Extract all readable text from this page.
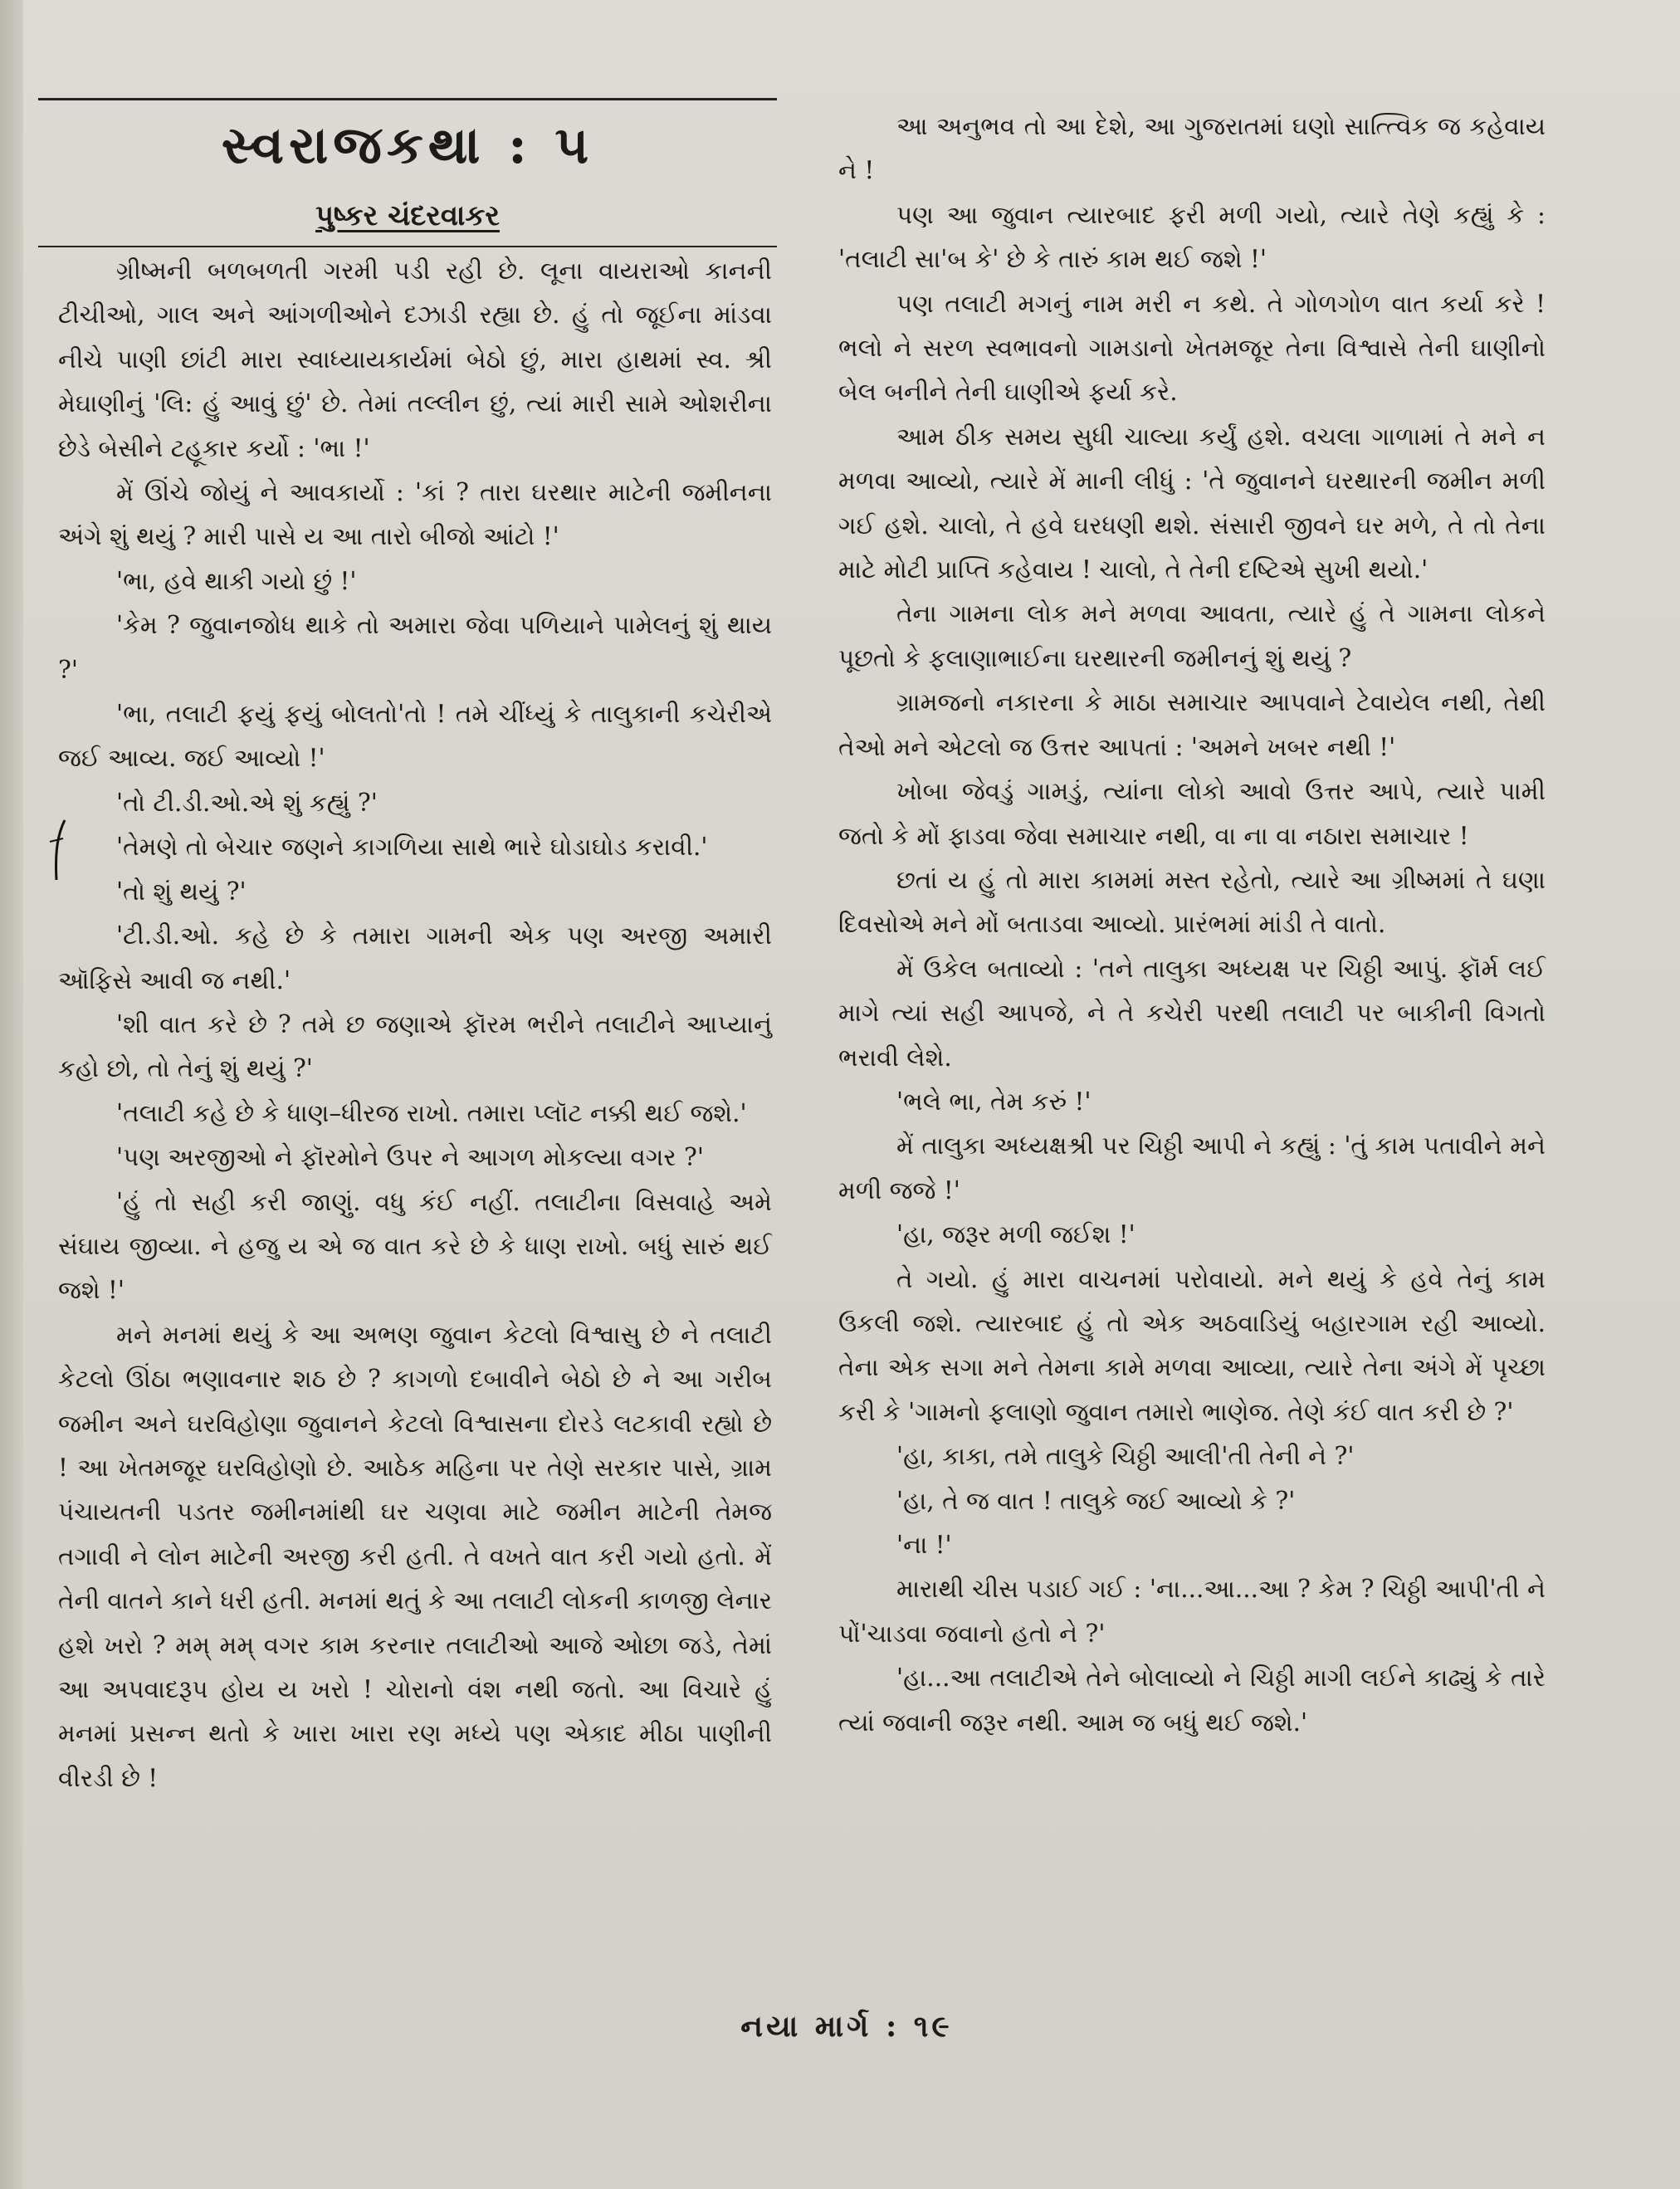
સ્વરાજકથા : ૫
પુષ્કર ચંદરવાકર

ગ્રીષ્મની બળબળતી ગરમી પડી રહી છે. લૂના વાયરાઓ કાનની ટીચીઓ, ગાલ અને આંગળીઓને દઝાડી રહ્યા છે. હું તો જૂઈના માંડવા નીચે પાણી છાંટી મારા સ્વાધ્યાયકાર્યમાં બેઠો છું, મારા હાથમાં સ્વ. શ્રી મેઘાણીનું 'લિ: હું આવું છું' છે. તેમાં તલ્લીન છું, ત્યાં મારી સામે ઓશરીના છેડે બેસીને ટહૂકાર કર્યો : 'ભા !'

મેં ઊંચે જોયું ને આવકાર્યો : 'કાં ? તારા ઘરથાર માટેની જમીનના અંગે શું થયું ? મારી પાસે ય આ તારો બીજો આંટો !'

'ભા, હવે થાકી ગયો છું !'

'કેમ ? જુવાનજોધ થાકે તો અમારા જેવા પળિયાને પામેલનું શું થાય ?'

'ભા, તલાટી ફયું ફયું બોલતો'તો ! તમે ચીંધ્યું કે તાલુકાની કચેરીએ જઈ આવ્ય. જઈ આવ્યો !'

'તો ટી.ડી.ઓ.એ શું કહ્યું ?'

'તેમણે તો બેચાર જણને કાગળિયા સાથે ભારે ઘોડાઘોડ કરાવી.'

'તો શું થયું ?'

'ટી.ડી.ઓ. કહે છે કે તમારા ગામની એક પણ અરજી અમારી ઑફિસે આવી જ નથી.'

'શી વાત કરે છે ? તમે છ જણાએ ફૉરમ ભરીને તલાટીને આપ્યાનું કહો છો, તો તેનું શું થયું ?'

'તલાટી કહે છે કે ધાણ–ધીરજ રાખો. તમારા પ્લૉટ નક્કી થઈ જશે.'

'પણ અરજીઓ ને ફૉરમોને ઉપર ને આગળ મોકલ્યા વગર ?'

'હું તો સહી કરી જાણું. વધુ કંઈ નહીં. તલાટીના વિસવાહે અમે સંઘાય જીવ્યા. ને હજુ ય એ જ વાત કરે છે કે ધાણ રાખો. બધું સારું થઈ જશે !'

મને મનમાં થયું કે આ અભણ જુવાન કેટલો વિશ્વાસુ છે ને તલાટી કેટલો ઊંઠા ભણાવનાર શઠ છે ? કાગળો દબાવીને બેઠો છે ને આ ગરીબ જમીન અને ઘરવિહોણા જુવાનને કેટલો વિશ્વાસના દોરડે લટકાવી રહ્યો છે ! આ ખેતમજૂર ઘરવિહોણો છે. આઠેક મહિના પર તેણે સરકાર પાસે, ગ્રામ પંચાયતની પડતર જમીનમાંથી ઘર ચણવા માટે જમીન માટેની તેમજ તગાવી ને લોન માટેની અરજી કરી હતી. તે વખતે વાત કરી ગયો હતો. મેં તેની વાતને કાને ધરી હતી. મનમાં થતું કે આ તલાટી લોકની કાળજી લેનાર હશે ખરો ? મમ્ મમ્ વગર કામ કરનાર તલાટીઓ આજે ઓછા જડે, તેમાં આ અપવાદરૂપ હોય ય ખરો ! ચોરાનો વંશ નથી જતો. આ વિચારે હું મનમાં પ્રસન્ન થતો કે ખારા ખારા રણ મધ્યે પણ એકાદ મીઠા પાણીની વીરડી છે !

આ અનુભવ તો આ દેશે, આ ગુજરાતમાં ઘણો સાત્ત્વિક જ કહેવાય ને !

પણ આ જુવાન ત્યારબાદ ફરી મળી ગયો, ત્યારે તેણે કહ્યું કે : 'તલાટી સા'બ કે' છે કે તારું કામ થઈ જશે !'

પણ તલાટી મગનું નામ મરી ન કથે. તે ગોળગોળ વાત કર્યા કરે ! ભલો ને સરળ સ્વભાવનો ગામડાનો ખેતમજૂર તેના વિશ્વાસે તેની ઘાણીનો બેલ બનીને તેની ઘાણીએ ફર્યા કરે.

આમ ઠીક સમય સુધી ચાલ્યા કર્યું હશે. વચલા ગાળામાં તે મને ન મળવા આવ્યો, ત્યારે મેં માની લીધું : 'તે જુવાનને ઘરથારની જમીન મળી ગઈ હશે. ચાલો, તે હવે ઘરધણી થશે. સંસારી જીવને ઘર મળે, તે તો તેના માટે મોટી પ્રાપ્તિ કહેવાય ! ચાલો, તે તેની દષ્ટિએ સુખી થયો.'

તેના ગામના લોક મને મળવા આવતા, ત્યારે હું તે ગામના લોકને પૂછતો કે ફલાણાભાઈના ઘરથારની જમીનનું શું થયું ?

ગ્રામજનો નકારના કે માઠા સમાચાર આપવાને ટેવાયેલ નથી, તેથી તેઓ મને એટલો જ ઉત્તર આપતાં : 'અમને ખબર નથી !'

ખોબા જેવડું ગામડું, ત્યાંના લોકો આવો ઉત્તર આપે, ત્યારે પામી જતો કે મોં ફાડવા જેવા સમાચાર નથી, વા ના વા નઠારા સમાચાર !

છતાં ય હું તો મારા કામમાં મસ્ત રહેતો, ત્યારે આ ગ્રીષ્મમાં તે ઘણા દિવસોએ મને મોં બતાડવા આવ્યો. પ્રારંભમાં માંડી તે વાતો.

મેં ઉકેલ બતાવ્યો : 'તને તાલુકા અધ્યક્ષ પર ચિઠ્ઠી આપું. ફૉર્મ લઈ માગે ત્યાં સહી આપજે, ને તે કચેરી પરથી તલાટી પર બાકીની વિગતો ભરાવી લેશે.

'ભલે ભા, તેમ કરું !'

મેં તાલુકા અધ્યક્ષશ્રી પર ચિઠ્ઠી આપી ને કહ્યું : 'તું કામ પતાવીને મને મળી જજે !'

'હા, જરૂર મળી જઈશ !'

તે ગયો. હું મારા વાચનમાં પરોવાયો. મને થયું કે હવે તેનું કામ ઉકલી જશે. ત્યારબાદ હું તો એક અઠવાડિયું બહારગામ રહી આવ્યો. તેના એક સગા મને તેમના કામે મળવા આવ્યા, ત્યારે તેના અંગે મેં પૃચ્છા કરી કે 'ગામનો ફલાણો જુવાન તમારો ભાણેજ. તેણે કંઈ વાત કરી છે ?'

'હા, કાકા, તમે તાલુકે ચિઠ્ઠી આલી'તી તેની ને ?'

'હા, તે જ વાત ! તાલુકે જઈ આવ્યો કે ?'

'ના !'

મારાથી ચીસ પડાઈ ગઈ : 'ના...આ...આ ? કેમ ? ચિઠ્ઠી આપી'તી ને પોં'ચાડવા જવાનો હતો ને ?'

'હા...આ તલાટીએ તેને બોલાવ્યો ને ચિઠ્ઠી માગી લઈને કાઢ્યું કે તારે ત્યાં જવાની જરૂર નથી. આમ જ બધું થઈ જશે.'

નયા માર્ગ : ૧૯
